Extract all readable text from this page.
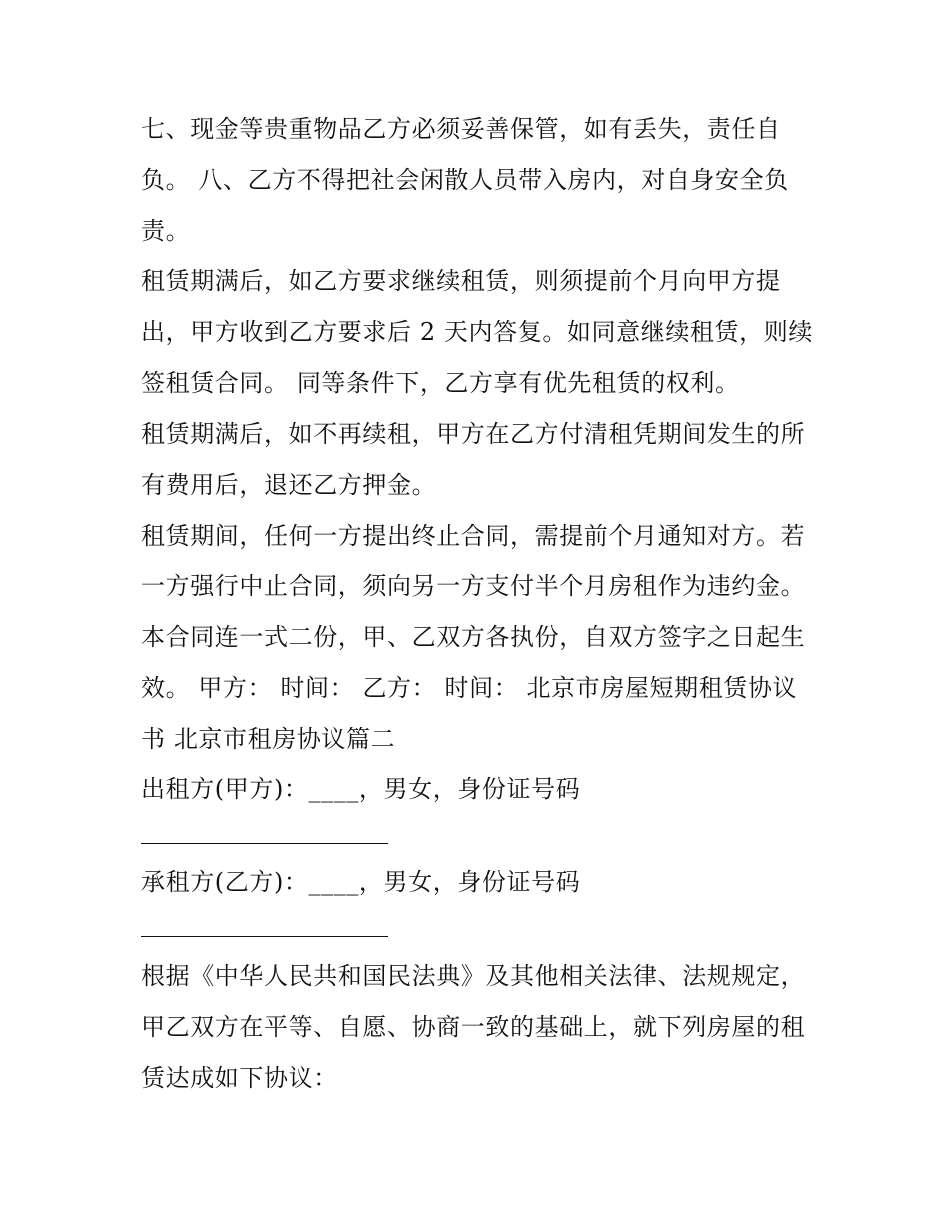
七、现金等贵重物品乙方必须妥善保管，如有丢失，责任自
负。 八、乙方不得把社会闲散人员带入房内，对自身安全负
责。
租赁期满后，如乙方要求继续租赁，则须提前个月向甲方提
出，甲方收到乙方要求后 2 天内答复。如同意继续租赁，则续
签租赁合同。 同等条件下，乙方享有优先租赁的权利。
租赁期满后，如不再续租，甲方在乙方付清租凭期间发生的所
有费用后，退还乙方押金。
租赁期间，任何一方提出终止合同，需提前个月通知对方。若
一方强行中止合同，须向另一方支付半个月房租作为违约金。
本合同连一式二份，甲、乙双方各执份，自双方签字之日起生
效。 甲方： 时间： 乙方： 时间： 北京市房屋短期租赁协议
书 北京市租房协议篇二
出租方(甲方)：____，男女，身份证号码
承租方(乙方)：____，男女，身份证号码
根据《中华人民共和国民法典》及其他相关法律、法规规定，
甲乙双方在平等、自愿、协商一致的基础上，就下列房屋的租
赁达成如下协议：
